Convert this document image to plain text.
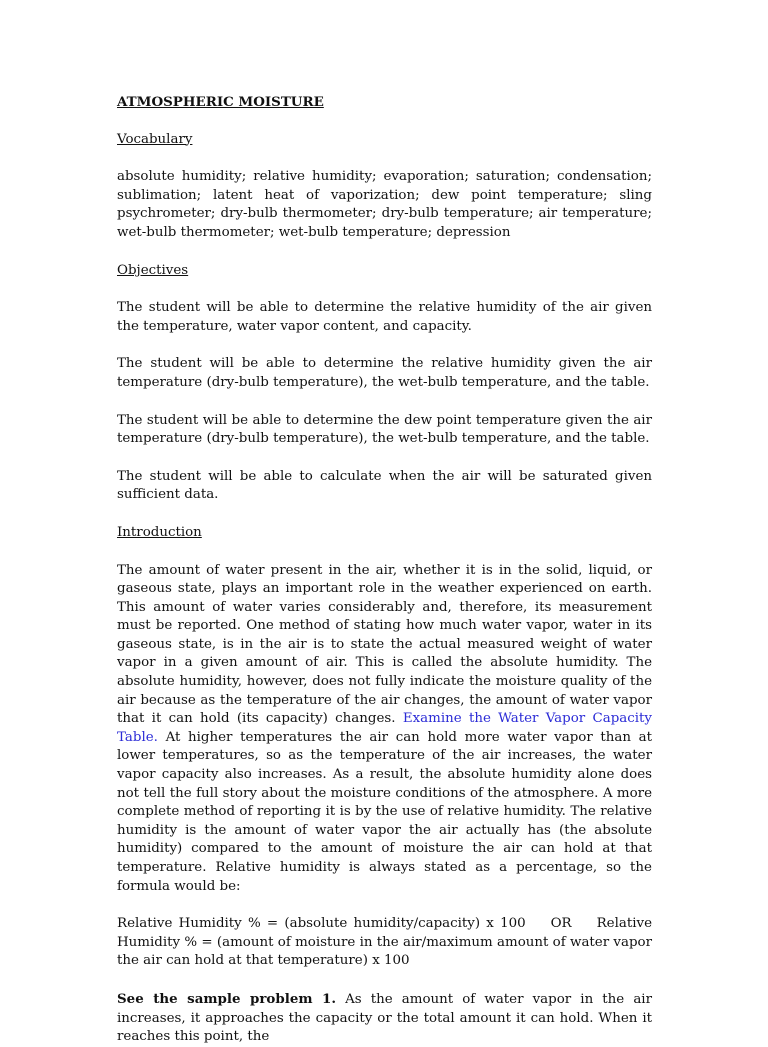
ATMOSPHERIC MOISTURE
Vocabulary

absolute humidity; relative humidity; evaporation; saturation; condensation; sublimation; latent heat of vaporization; dew point temperature; sling psychrometer; dry-bulb thermometer; dry-bulb temperature; air temperature; wet-bulb thermometer; wet-bulb temperature; depression

Objectives

The student will be able to determine the relative humidity of the air given the temperature, water vapor content, and capacity.

The student will be able to determine the relative humidity given the air temperature (dry-bulb temperature), the wet-bulb temperature, and the table.

The student will be able to determine the dew point temperature given the air temperature (dry-bulb temperature), the wet-bulb temperature, and the table.

The student will be able to calculate when the air will be saturated given sufficient data.

Introduction

The amount of water present in the air, whether it is in the solid, liquid, or gaseous state, plays an important role in the weather experienced on earth. This amount of water varies considerably and, therefore, its measurement must be reported. One method of stating how much water vapor, water in its gaseous state, is in the air is to state the actual measured weight of water vapor in a given amount of air. This is called the absolute humidity. The absolute humidity, however, does not fully indicate the moisture quality of the air because as the temperature of the air changes, the amount of water vapor that it can hold (its capacity) changes. Examine the Water Vapor Capacity Table. At higher temperatures the air can hold more water vapor than at lower temperatures, so as the temperature of the air increases, the water vapor capacity also increases. As a result, the absolute humidity alone does not tell the full story about the moisture conditions of the atmosphere. A more complete method of reporting it is by the use of relative humidity. The relative humidity is the amount of water vapor the air actually has (the absolute humidity) compared to the amount of moisture the air can hold at that temperature. Relative humidity is always stated as a percentage, so the formula would be:

Relative Humidity % = (absolute humidity/capacity) x 100    OR    Relative Humidity % = (amount of moisture in the air/maximum amount of water vapor the air can hold at that temperature) x 100

See the sample problem 1. As the amount of water vapor in the air increases, it approaches the capacity or the total amount it can hold. When it reaches this point, the
